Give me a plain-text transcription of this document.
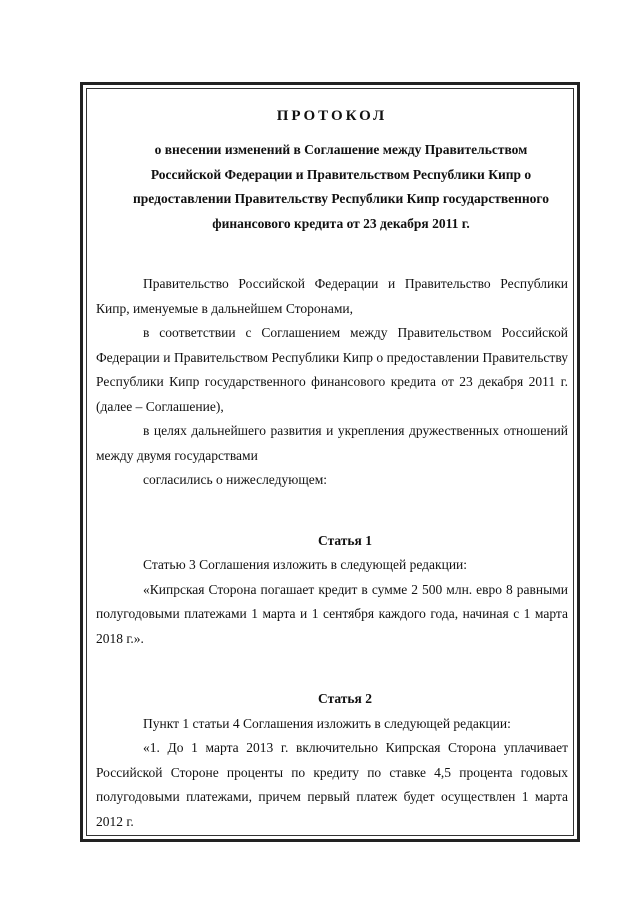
ПРОТОКОЛ

о внесении изменений в Соглашение между Правительством

Российской Федерации и Правительством Республики Кипр о

предоставлении Правительству Республики Кипр государственного

финансового кредита от 23 декабря 2011 г.

Правительство Российской Федерации и Правительство Республики Кипр, именуемые в дальнейшем Сторонами,

в соответствии с Соглашением между Правительством Российской Федерации и Правительством Республики Кипр о предоставлении Правительству Республики Кипр государственного финансового кредита от 23 декабря 2011 г. (далее – Соглашение),

в целях дальнейшего развития и укрепления дружественных отношений между двумя государствами

согласились о нижеследующем:

Статья 1

Статью 3 Соглашения изложить в следующей редакции:

«Кипрская Сторона погашает кредит в сумме 2 500 млн. евро 8 равными полугодовыми платежами 1 марта и 1 сентября каждого года, начиная с 1 марта 2018 г.».

Статья 2

Пункт 1 статьи 4 Соглашения изложить в следующей редакции:

«1. До 1 марта 2013 г. включительно Кипрская Сторона уплачивает Российской Стороне проценты по кредиту по ставке 4,5 процента годовых полугодовыми платежами, причем первый платеж будет осуществлен 1 марта 2012 г.
